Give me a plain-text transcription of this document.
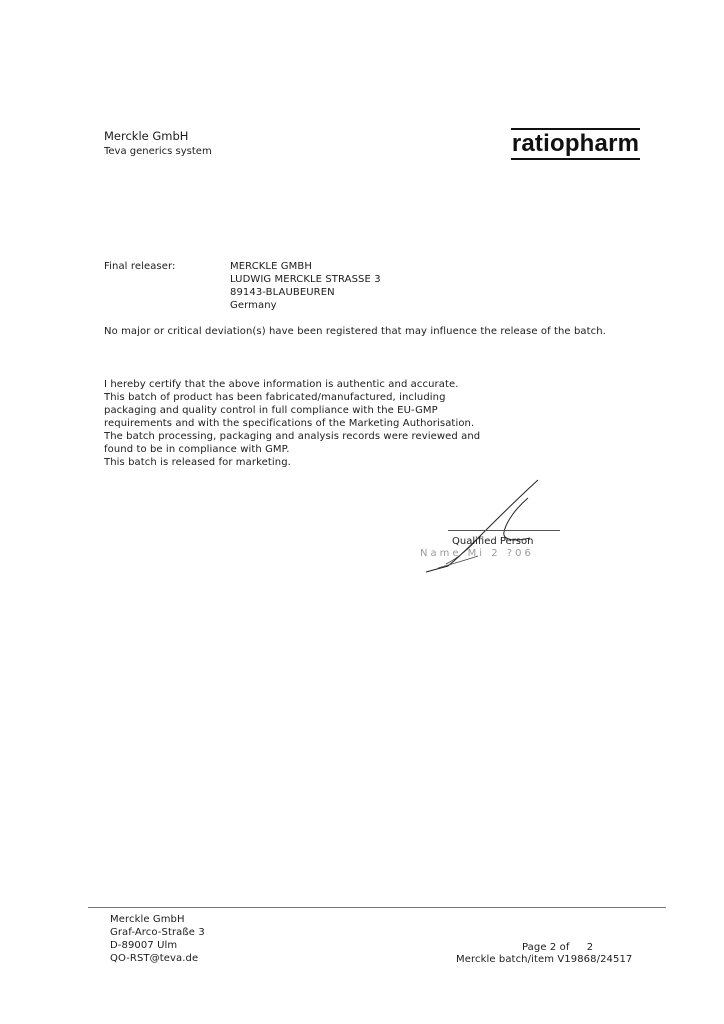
Merckle GmbH
Teva generics system	ratiopharm
Final releaser:	MERCKLE GMBH
LUDWIG MERCKLE STRASSE 3
89143-BLAUBEUREN
Germany
No major or critical deviation(s) have been registered that may influence the release of the batch.
I hereby certify that the above information is authentic and accurate.
This batch of product has been fabricated/manufactured, including
packaging and quality control in full compliance with the EU-GMP
requirements and with the specifications of the Marketing Authorisation.
The batch processing, packaging and analysis records were reviewed and
found to be in compliance with GMP.
This batch is released for marketing.
Qualified Person
Name Mi 2 ?06
Merckle GmbH
Graf-Arco-Straße 3
D-89007 Ulm
QO-RST@teva.de
Page 2 of 2
Merckle batch/item V19868/24517
